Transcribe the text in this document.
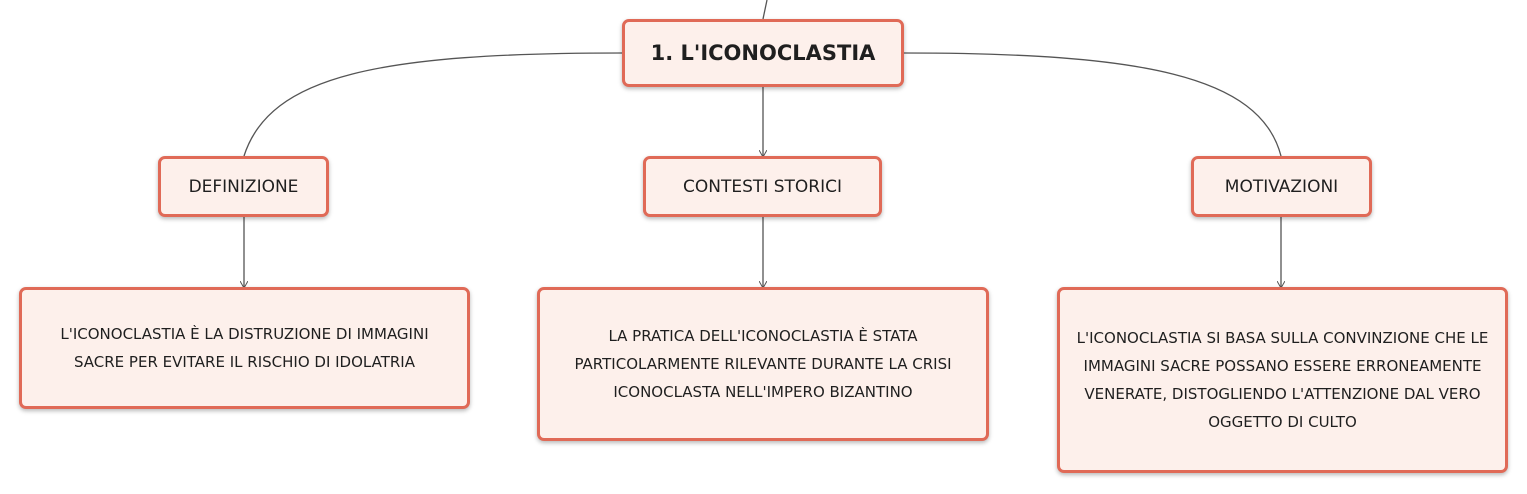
1. L'ICONOCLASTIA
DEFINIZIONE	CONTESTI STORICI	MOTIVAZIONI
L'ICONOCLASTIA È LA DISTRUZIONE DI IMMAGINI SACRE PER EVITARE IL RISCHIO DI IDOLATRIA
LA PRATICA DELL'ICONOCLASTIA È STATA PARTICOLARMENTE RILEVANTE DURANTE LA CRISI ICONOCLASTA NELL'IMPERO BIZANTINO
L'ICONOCLASTIA SI BASA SULLA CONVINZIONE CHE LE IMMAGINI SACRE POSSANO ESSERE ERRONEAMENTE VENERATE, DISTOGLIENDO L'ATTENZIONE DAL VERO OGGETTO DI CULTO
